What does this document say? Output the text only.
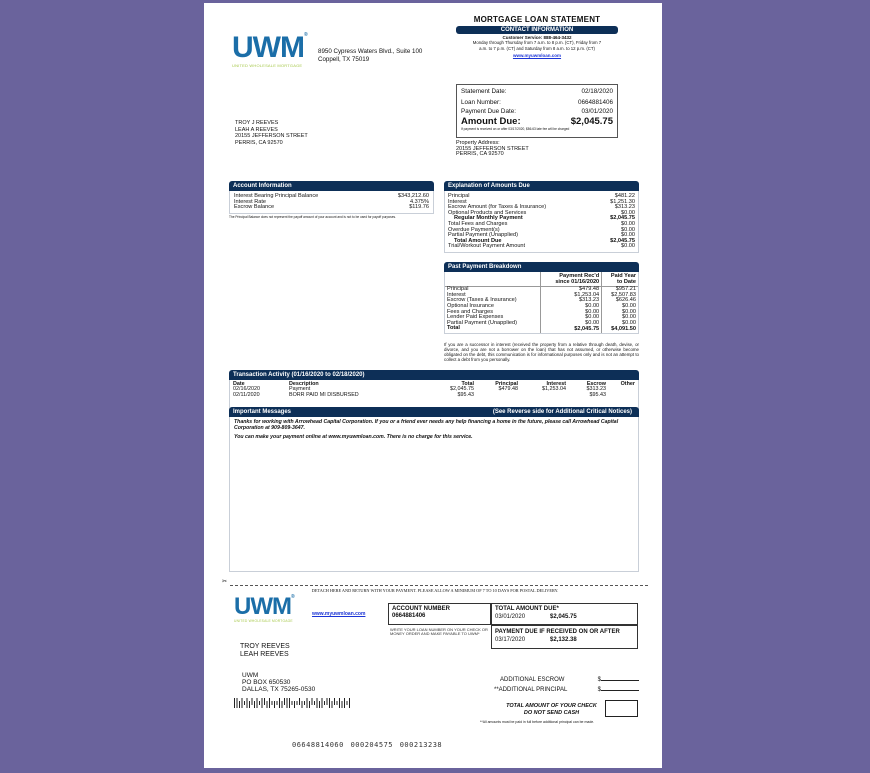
UWM®
UNITED WHOLESALE MORTGAGE
8950 Cypress Waters Blvd., Suite 100
Coppell, TX 75019
MORTGAGE LOAN STATEMENT
CONTACT INFORMATION
Customer Service: 888-464-3432
Monday through Thursday from 7 a.m. to 8 p.m. (CT), Friday from 7
a.m. to 7 p.m. (CT) and Saturday from 8 a.m. to 12 p.m. (CT)
www.myuwmloan.com
Statement Date:	02/18/2020
Loan Number:	0664881406
Payment Due Date:	03/01/2020
Amount Due:	$2,045.75
If payment is received on or after 03/17/2020, $86.63 late fee will be charged
Property Address:
20155 JEFFERSON STREET
PERRIS, CA 92570
TROY J REEVES
LEAH A REEVES
20155 JEFFERSON STREET
PERRIS, CA 92570
Account Information
Interest Bearing Principal Balance	$343,212.60
Interest Rate	4.375%
Escrow Balance	$119.76
The Principal Balance does not represent the payoff amount of your account and is not to be used for payoff purposes.
Explanation of Amounts Due
Principal	$481.22
Interest	$1,251.30
Escrow Amount (for Taxes & Insurance)	$313.23
Optional Products and Services	$0.00
Regular Monthly Payment	$2,045.75
Total Fees and Charges	$0.00
Overdue Payment(s)	$0.00
Partial Payment (Unapplied)	$0.00
Total Amount Due	$2,045.75
Trial/Workout Payment Amount	$0.00
Past Payment Breakdown

Payment Rec'd
since 01/16/2020

Paid Year
to Date

Principal	$479.48	$957.21
Interest	$1,253.04	$2,507.83
Escrow (Taxes & Insurance)	$313.23	$626.46
Optional Insurance	$0.00	$0.00
Fees and Charges	$0.00	$0.00
Lender Paid Expenses	$0.00	$0.00
Partial Payment (Unapplied)	$0.00	$0.00
Total	$2,045.75	$4,091.50
If you are a successor in interest (received the property from a relative through death, devise, or divorce, and you are not a borrower on the loan) that has not assumed, or otherwise become obligated on the debt, this communication is for informational purposes only and is not an attempt to collect a debt from you personally.
Transaction Activity (01/16/2020 to 02/18/2020)
Date	Description	Total	Principal	Interest	Escrow	Other
02/16/2020	Payment	$2,045.75	$479.48	$1,253.04	$313.23	
02/11/2020	BORR PAID MI DISBURSED	$95.43			$95.43	
Important Messages	(See Reverse side for Additional Critical Notices)
Thanks for working with Arrowhead Capital Corporation. If you or a friend ever needs any help financing a home in the future, please call Arrowhead Capital Corporation at 909-809-3647.
You can make your payment online at www.myuwmloan.com. There is no charge for this service.
✂
DETACH HERE AND RETURN WITH YOUR PAYMENT. PLEASE ALLOW A MINIMUM OF 7 TO 10 DAYS FOR POSTAL DELIVERY.
UWM®
UNITED WHOLESALE MORTGAGE
www.myuwmloan.com
TROY REEVES
LEAH REEVES
ACCOUNT NUMBER
0664881406
WRITE YOUR LOAN NUMBER ON YOUR CHECK OR MONEY ORDER AND MAKE PAYABLE TO UWM*
TOTAL AMOUNT DUE*
03/01/2020	$2,045.75
PAYMENT DUE IF RECEIVED ON OR AFTER
03/17/2020	$2,132.38
UWM
PO BOX 650530
DALLAS, TX 75265-0530
ADDITIONAL ESCROW	$
**ADDITIONAL PRINCIPAL	$
TOTAL AMOUNT OF YOUR CHECK
DO NOT SEND CASH
**All amounts must be paid in full before additional principal can be made.
06648814060 000204575 000213238
